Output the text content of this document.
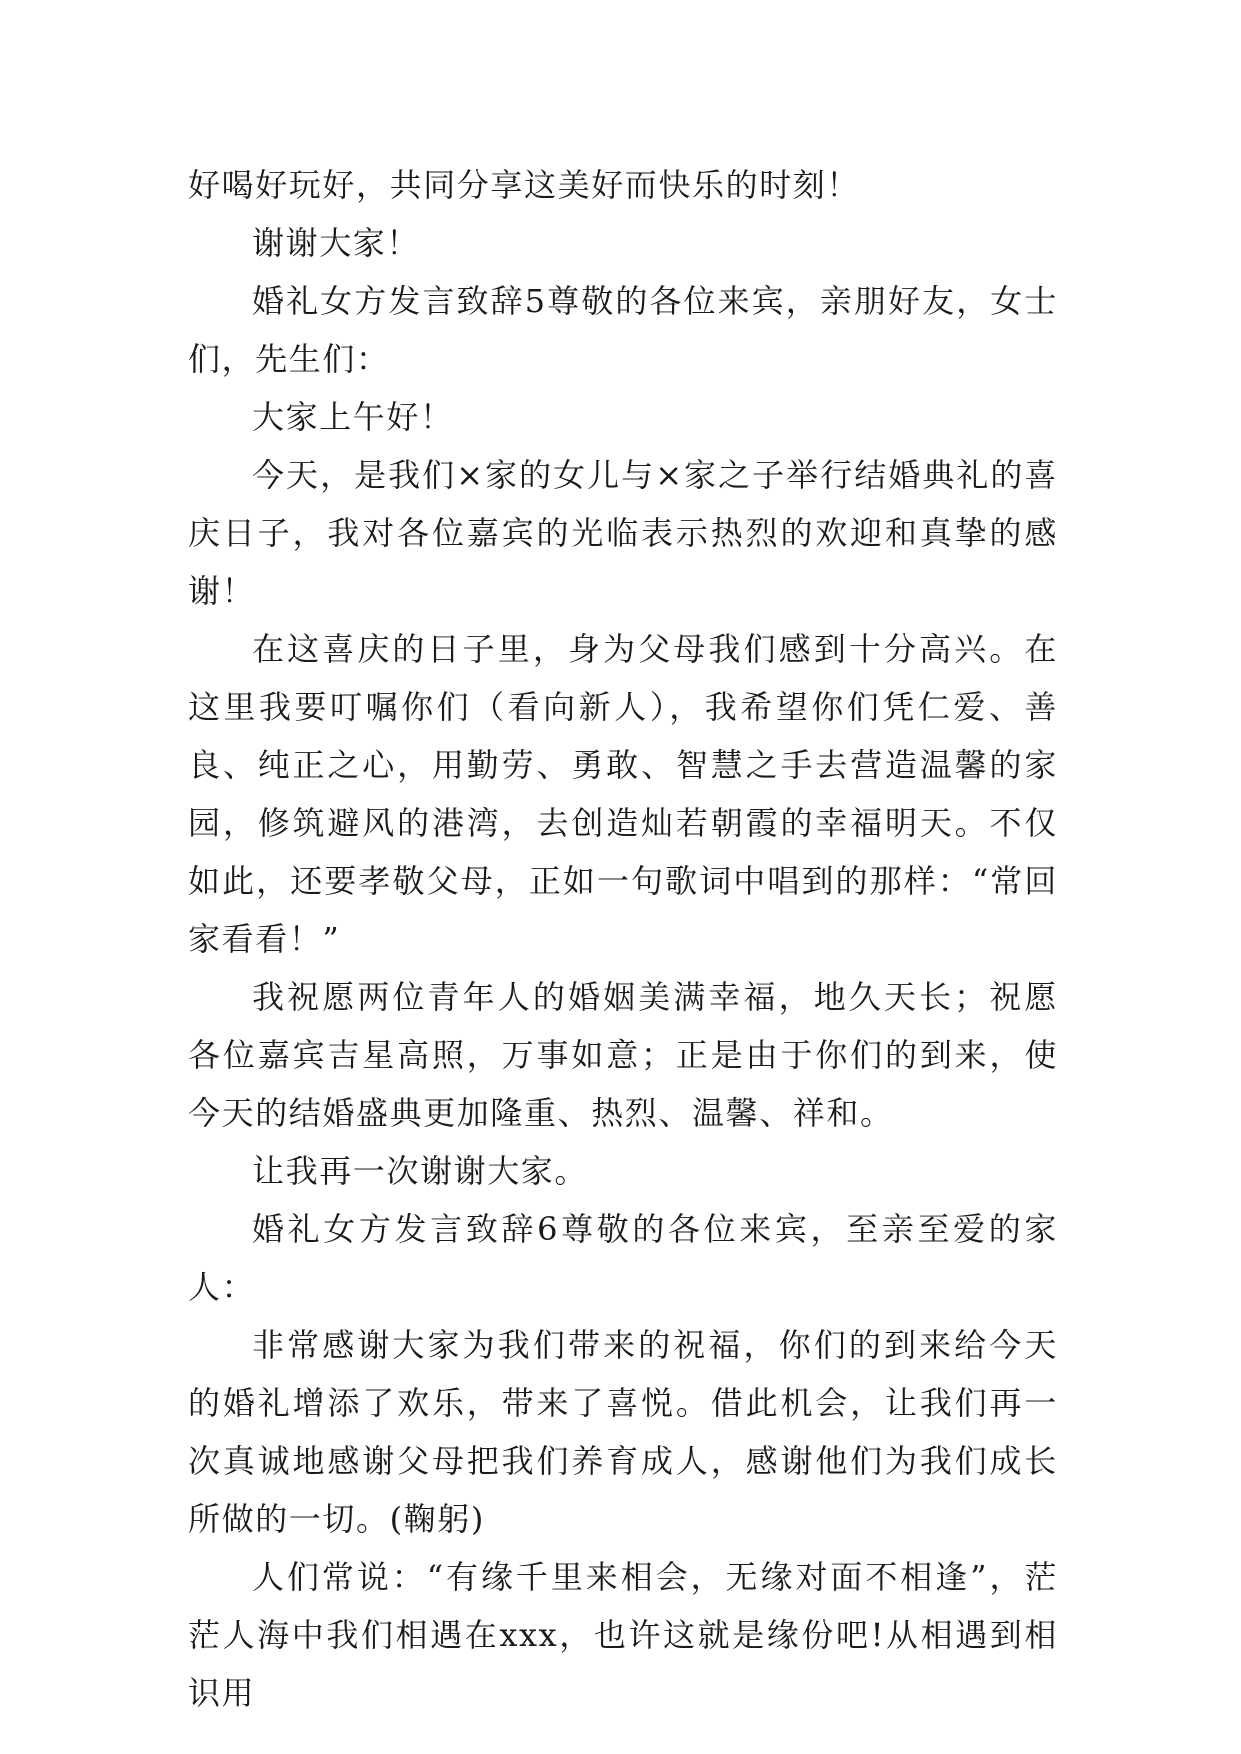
好喝好玩好，共同分享这美好而快乐的时刻！

谢谢大家！

婚礼女方发言致辞5尊敬的各位来宾，亲朋好友，女士们，先生们：

大家上午好！

今天，是我们×家的女儿与×家之子举行结婚典礼的喜庆日子，我对各位嘉宾的光临表示热烈的欢迎和真挚的感谢！

在这喜庆的日子里，身为父母我们感到十分高兴。在这里我要叮嘱你们（看向新人），我希望你们凭仁爱、善良、纯正之心，用勤劳、勇敢、智慧之手去营造温馨的家园，修筑避风的港湾，去创造灿若朝霞的幸福明天。不仅如此，还要孝敬父母，正如一句歌词中唱到的那样：“常回家看看！”

我祝愿两位青年人的婚姻美满幸福，地久天长；祝愿各位嘉宾吉星高照，万事如意；正是由于你们的到来，使今天的结婚盛典更加隆重、热烈、温馨、祥和。

让我再一次谢谢大家。

婚礼女方发言致辞6尊敬的各位来宾，至亲至爱的家人：

非常感谢大家为我们带来的祝福，你们的到来给今天的婚礼增添了欢乐，带来了喜悦。借此机会，让我们再一次真诚地感谢父母把我们养育成人，感谢他们为我们成长所做的一切。(鞠躬)

人们常说：“有缘千里来相会，无缘对面不相逢”，茫茫人海中我们相遇在xxx，也许这就是缘份吧!从相遇到相识用
